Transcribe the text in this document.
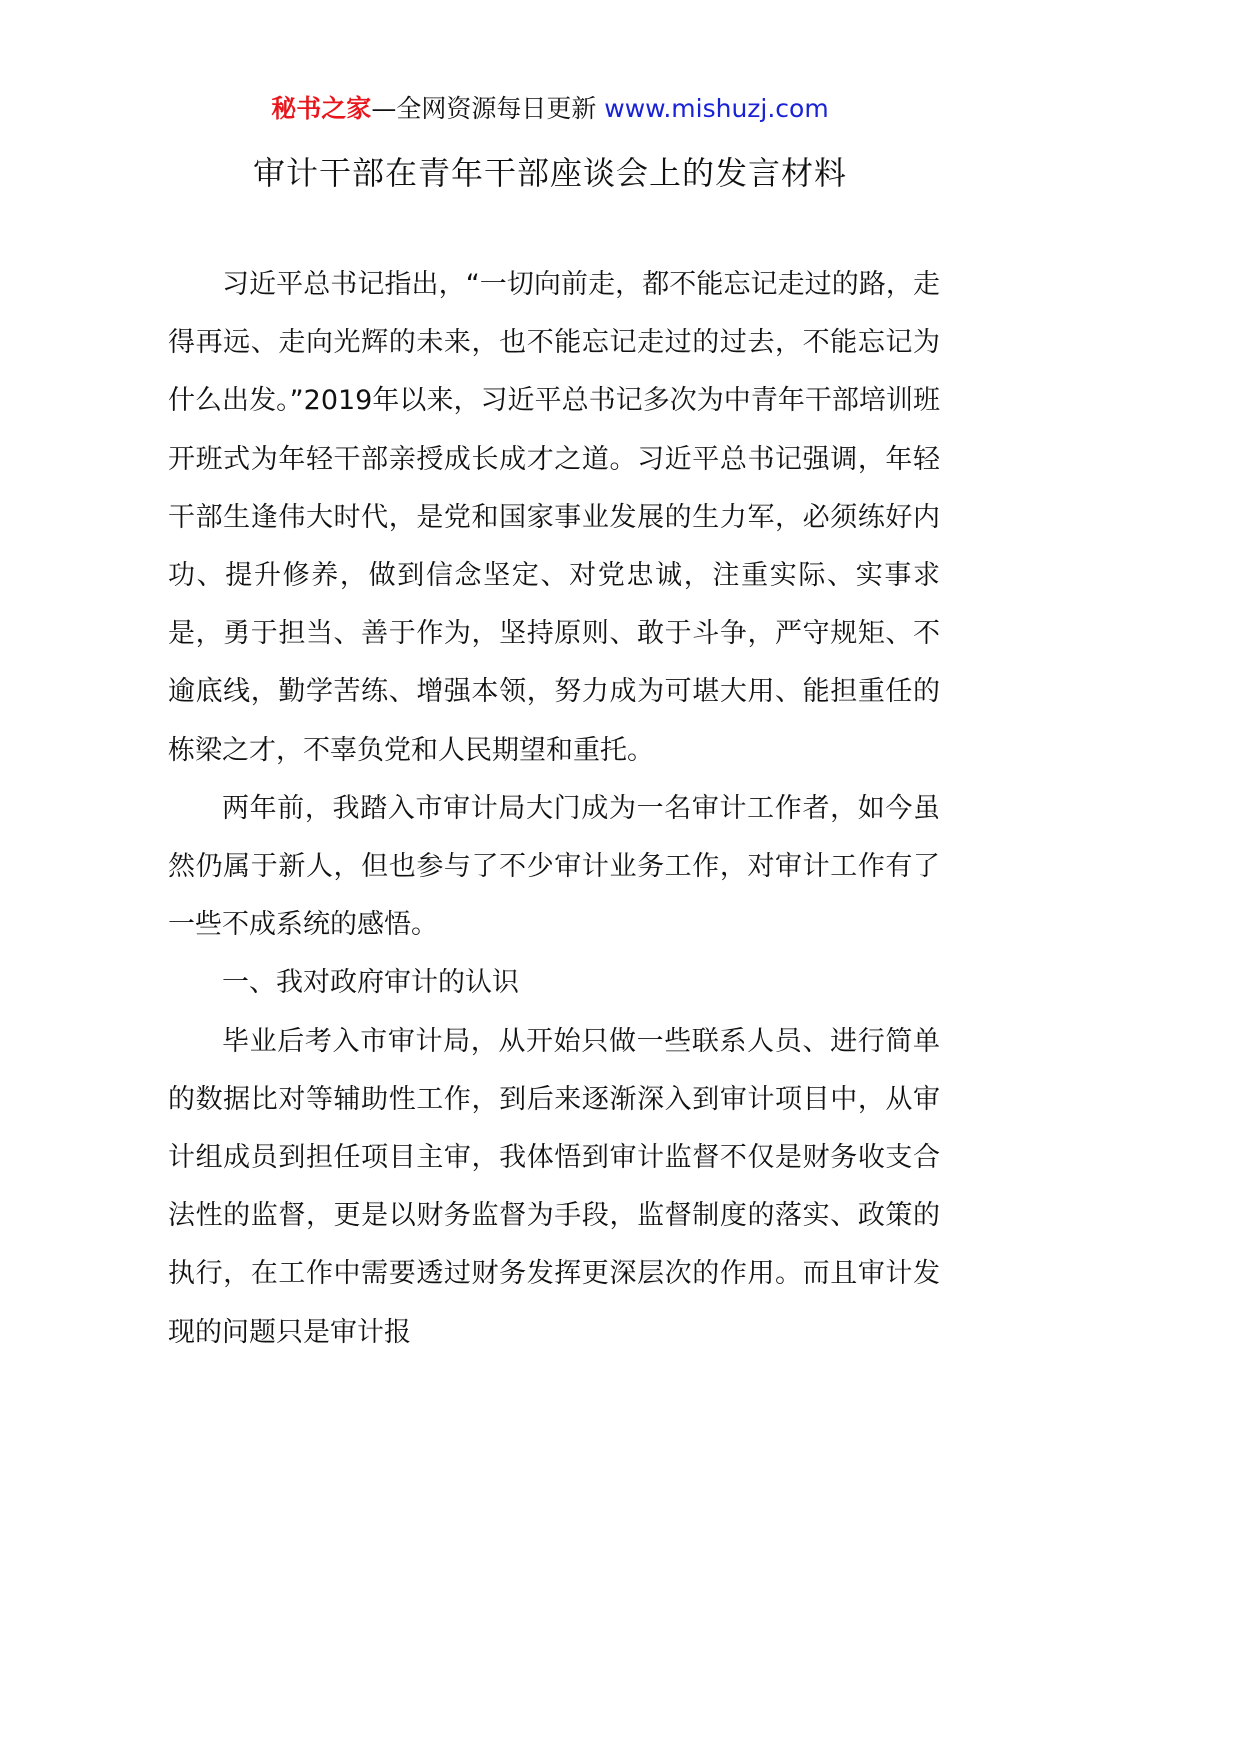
秘书之家—全网资源每日更新 www.mishuzj.com
审计干部在青年干部座谈会上的发言材料

习近平总书记指出，“一切向前走，都不能忘记走过的路，走得再远、走向光辉的未来，也不能忘记走过的过去，不能忘记为什么出发。”2019年以来，习近平总书记多次为中青年干部培训班开班式为年轻干部亲授成长成才之道。习近平总书记强调，年轻干部生逢伟大时代，是党和国家事业发展的生力军，必须练好内功、提升修养，做到信念坚定、对党忠诚，注重实际、实事求是，勇于担当、善于作为，坚持原则、敢于斗争，严守规矩、不逾底线，勤学苦练、增强本领，努力成为可堪大用、能担重任的栋梁之才，不辜负党和人民期望和重托。

两年前，我踏入市审计局大门成为一名审计工作者，如今虽然仍属于新人，但也参与了不少审计业务工作，对审计工作有了一些不成系统的感悟。

一、我对政府审计的认识

毕业后考入市审计局，从开始只做一些联系人员、进行简单的数据比对等辅助性工作，到后来逐渐深入到审计项目中，从审计组成员到担任项目主审，我体悟到审计监督不仅是财务收支合法性的监督，更是以财务监督为手段，监督制度的落实、政策的执行，在工作中需要透过财务发挥更深层次的作用。而且审计发现的问题只是审计报
